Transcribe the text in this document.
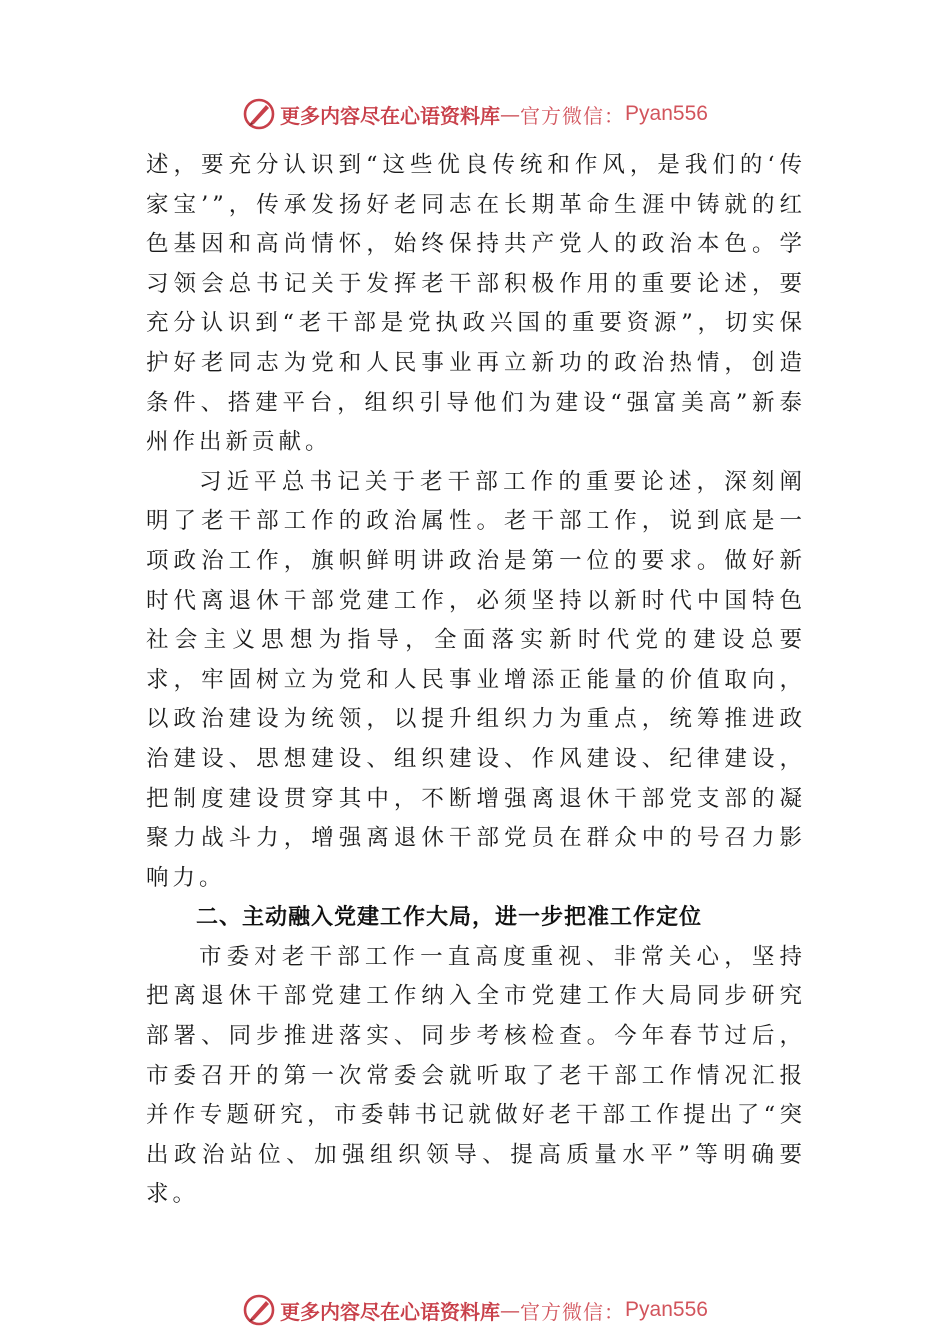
更多内容尽在心语资料库 — 官方微信： Pyan556

述，要充分认识到“这些优良传统和作风，是我们的‘传家宝’”，传承发扬好老同志在长期革命生涯中铸就的红色基因和高尚情怀，始终保持共产党人的政治本色。学习领会总书记关于发挥老干部积极作用的重要论述，要充分认识到“老干部是党执政兴国的重要资源”，切实保护好老同志为党和人民事业再立新功的政治热情，创造条件、搭建平台，组织引导他们为建设“强富美高”新泰州作出新贡献。

习近平总书记关于老干部工作的重要论述，深刻阐明了老干部工作的政治属性。老干部工作，说到底是一项政治工作，旗帜鲜明讲政治是第一位的要求。做好新时代离退休干部党建工作，必须坚持以新时代中国特色社会主义思想为指导，全面落实新时代党的建设总要求，牢固树立为党和人民事业增添正能量的价值取向，以政治建设为统领，以提升组织力为重点，统筹推进政治建设、思想建设、组织建设、作风建设、纪律建设，把制度建设贯穿其中，不断增强离退休干部党支部的凝聚力战斗力，增强离退休干部党员在群众中的号召力影响力。

二、主动融入党建工作大局，进一步把准工作定位

市委对老干部工作一直高度重视、非常关心，坚持把离退休干部党建工作纳入全市党建工作大局同步研究部署、同步推进落实、同步考核检查。今年春节过后，市委召开的第一次常委会就听取了老干部工作情况汇报并作专题研究，市委韩书记就做好老干部工作提出了“突出政治站位、加强组织领导、提高质量水平”等明确要求。

更多内容尽在心语资料库 — 官方微信： Pyan556
